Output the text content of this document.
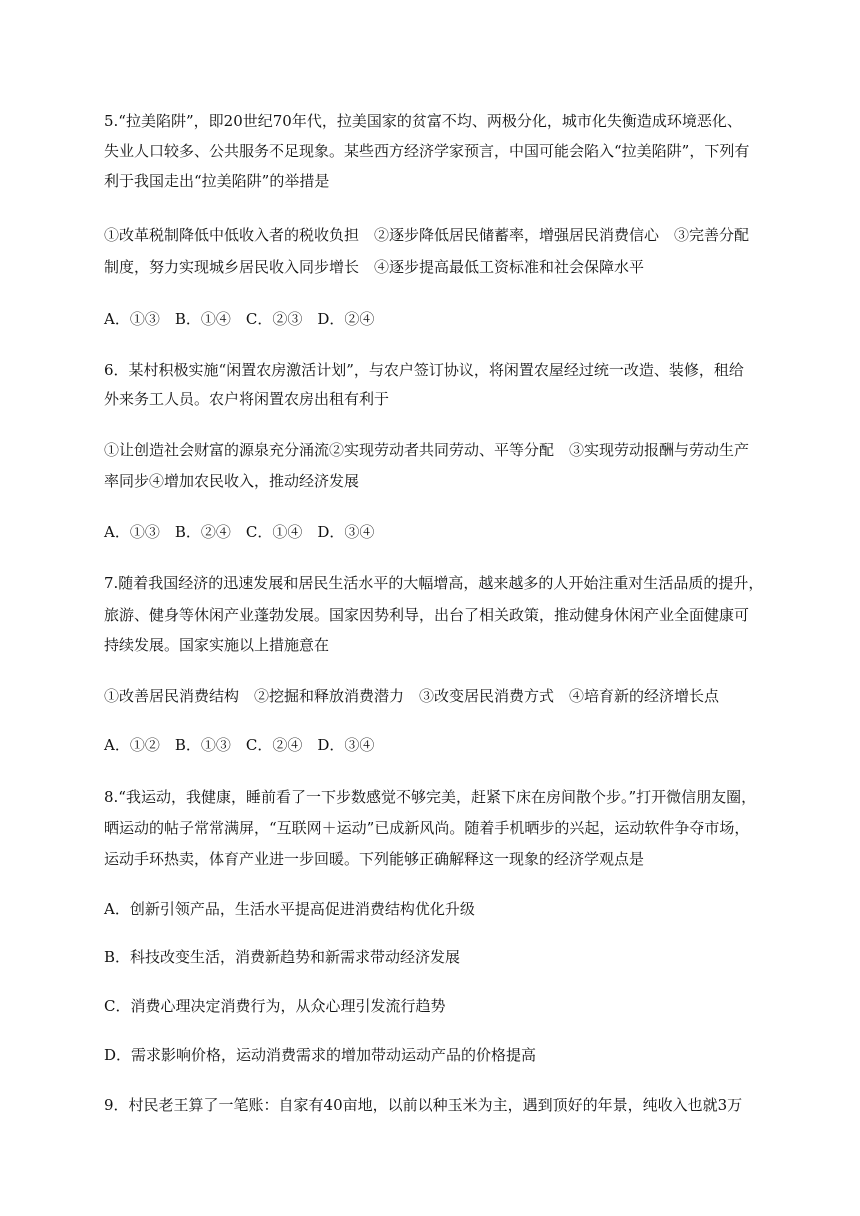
5.“拉美陷阱”，即20世纪70年代，拉美国家的贫富不均、两极分化，城市化失衡造成环境恶化、

失业人口较多、公共服务不足现象。某些西方经济学家预言，中国可能会陷入“拉美陷阱”，下列有

利于我国走出“拉美陷阱”的举措是

①改革税制降低中低收入者的税收负担　②逐步降低居民储蓄率，增强居民消费信心　③完善分配

制度，努力实现城乡居民收入同步增长　④逐步提高最低工资标准和社会保障水平

A．①③　B．①④　C．②③　D．②④

6．某村积极实施“闲置农房激活计划”，与农户签订协议，将闲置农屋经过统一改造、装修，租给

外来务工人员。农户将闲置农房出租有利于

①让创造社会财富的源泉充分涌流②实现劳动者共同劳动、平等分配　③实现劳动报酬与劳动生产

率同步④增加农民收入，推动经济发展

A．①③　B．②④　C．①④　D．③④

7.随着我国经济的迅速发展和居民生活水平的大幅增高，越来越多的人开始注重对生活品质的提升，

旅游、健身等休闲产业蓬勃发展。国家因势利导，出台了相关政策，推动健身休闲产业全面健康可

持续发展。国家实施以上措施意在

①改善居民消费结构　②挖掘和释放消费潜力　③改变居民消费方式　④培育新的经济增长点

A．①②　B．①③　C．②④　D．③④

8.“我运动，我健康，睡前看了一下步数感觉不够完美，赶紧下床在房间散个步。”打开微信朋友圈，

晒运动的帖子常常满屏，“互联网＋运动”已成新风尚。随着手机晒步的兴起，运动软件争夺市场，

运动手环热卖，体育产业进一步回暖。下列能够正确解释这一现象的经济学观点是

A．创新引领产品，生活水平提高促进消费结构优化升级

B．科技改变生活，消费新趋势和新需求带动经济发展

C．消费心理决定消费行为，从众心理引发流行趋势

D．需求影响价格，运动消费需求的增加带动运动产品的价格提高

9．村民老王算了一笔账：自家有40亩地，以前以种玉米为主，遇到顶好的年景，纯收入也就3万
